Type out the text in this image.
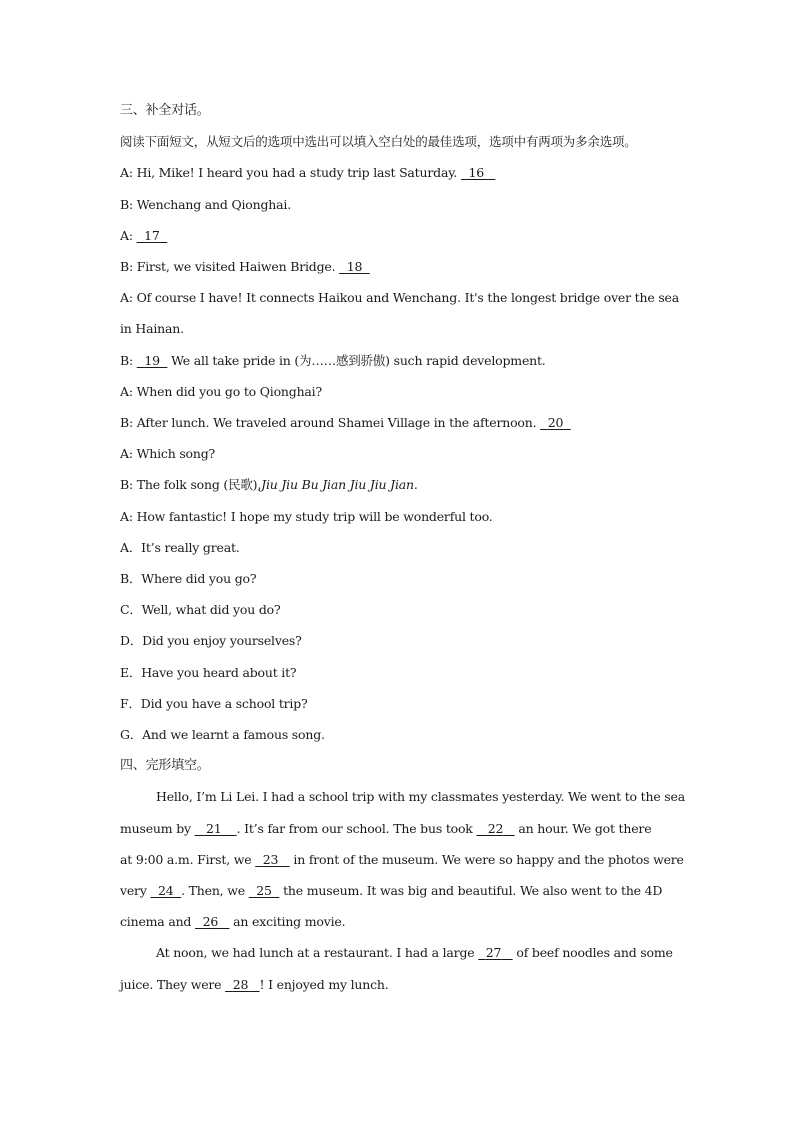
三、补全对话。
阅读下面短文，从短文后的选项中选出可以填入空白处的最佳选项，选项中有两项为多余选项。
A: Hi, Mike! I heard you had a study trip last Saturday. 16
B: Wenchang and Qionghai.
A: 17
B: First, we visited Haiwen Bridge. 18
A: Of course I have! It connects Haikou and Wenchang. It's the longest bridge over the sea in Hainan.
B: 19 We all take pride in (为……感到骄傲) such rapid development.
A: When did you go to Qionghai?
B: After lunch. We traveled around Shamei Village in the afternoon. 20
A: Which song?
B: The folk song (民歌),Jiu Jiu Bu Jian Jiu Jiu Jian.
A: How fantastic! I hope my study trip will be wonderful too.
A．It’s really great.
B．Where did you go?
C．Well, what did you do?
D．Did you enjoy yourselves?
E．Have you heard about it?
F．Did you have a school trip?
G．And we learnt a famous song.
四、完形填空。
Hello, I’m Li Lei. I had a school trip with my classmates yesterday. We went to the sea
museum by    21 . It’s far from our school. The bus took    22    an hour. We got there
at 9:00 a.m. First, we   23    in front of the museum. We were so happy and the photos were
very   24 . Then, we   25   the museum. It was big and beautiful. We also went to the 4D
cinema and   26    an exciting movie.
At noon, we had lunch at a restaurant. I had a large   27    of beef noodles and some
juice. They were   28 ! I enjoyed my lunch.
